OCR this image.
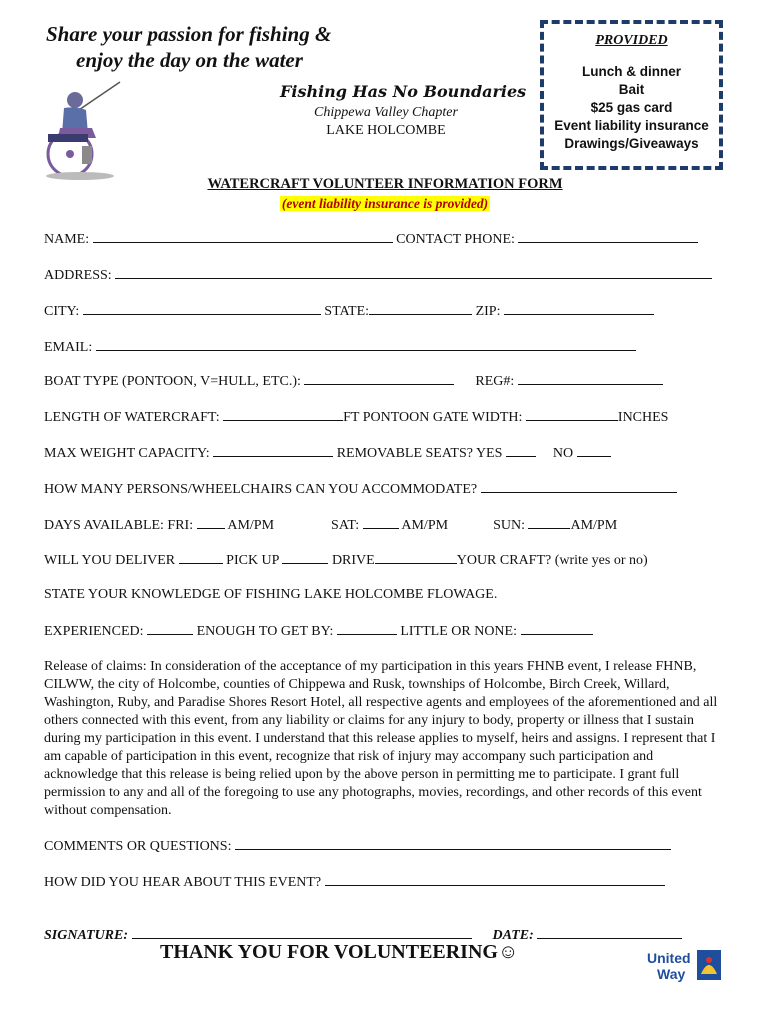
Share your passion for fishing &
enjoy the day on the water
Fishing Has No Boundaries
Chippewa Valley Chapter
LAKE HOLCOMBE
PROVIDED
Lunch & dinner
Bait
$25 gas card
Event liability insurance
Drawings/Giveaways
WATERCRAFT VOLUNTEER INFORMATION FORM
(event liability insurance is provided)
NAME:	CONTACT PHONE:
ADDRESS:
CITY:	STATE:	ZIP:
EMAIL:
BOAT TYPE (PONTOON, V=HULL, ETC.):	REG#:
LENGTH OF WATERCRAFT:	FT PONTOON GATE WIDTH:	INCHES
MAX WEIGHT CAPACITY:	REMOVABLE SEATS? YES	NO
HOW MANY PERSONS/WHEELCHAIRS CAN YOU ACCOMMODATE?
DAYS AVAILABLE: FRI: AM/PM	SAT:	AM/PM	SUN:	AM/PM
WILL YOU DELIVER	PICK UP	DRIVE	YOUR CRAFT? (write yes or no)
STATE YOUR KNOWLEDGE OF FISHING LAKE HOLCOMBE FLOWAGE.
EXPERIENCED:	ENOUGH TO GET BY:	LITTLE OR NONE:
Release of claims: In consideration of the acceptance of my participation in this years FHNB event, I release FHNB, CILWW, the city of Holcombe, counties of Chippewa and Rusk, townships of Holcombe, Birch Creek, Willard, Washington, Ruby, and Paradise Shores Resort Hotel, all respective agents and employees of the aforementioned and all others connected with this event, from any liability or claims for any injury to body, property or illness that I sustain during my participation in this event. I understand that this release applies to myself, heirs and assigns. I represent that I am capable of participation in this event, recognize that risk of injury may accompany such participation and acknowledge that this release is being relied upon by the above person in permitting me to participate. I grant full permission to any and all of the foregoing to use any photographs, movies, recordings, and other records of this event without compensation.
COMMENTS OR QUESTIONS:
HOW DID YOU HEAR ABOUT THIS EVENT?
SIGNATURE:	DATE:
THANK YOU FOR VOLUNTEERING☺	United
Way
